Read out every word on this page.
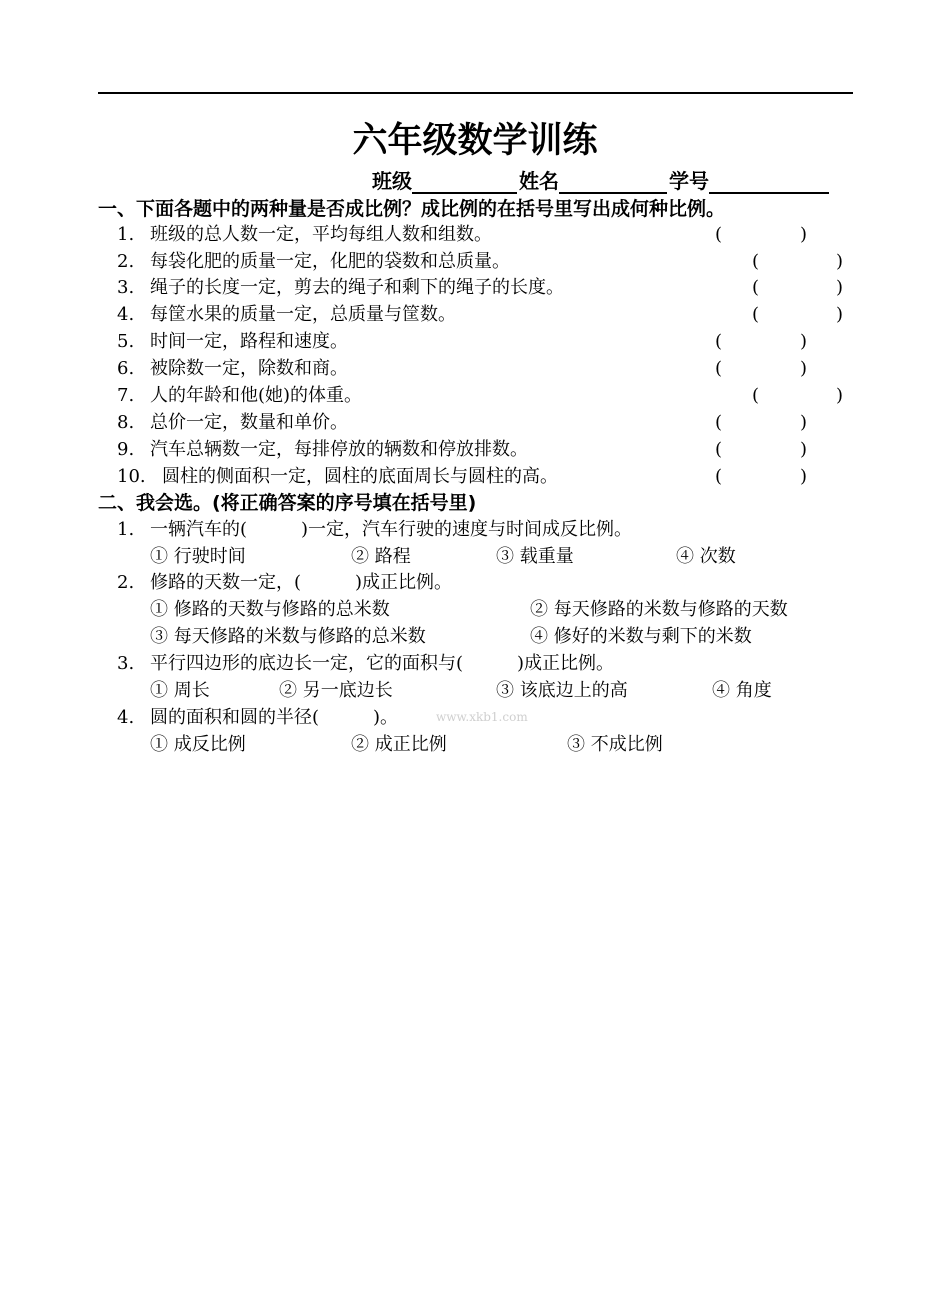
六年级数学训练
班级	姓名	学号
一、下面各题中的两种量是否成比例？成比例的在括号里写出成何种比例。
1. 班级的总人数一定，平均每组人数和组数。	(	)
2. 每袋化肥的质量一定，化肥的袋数和总质量。	(	)
3. 绳子的长度一定，剪去的绳子和剩下的绳子的长度。	(	)
4. 每筐水果的质量一定，总质量与筐数。	(	)
5. 时间一定，路程和速度。	(	)
6. 被除数一定，除数和商。	(	)
7. 人的年龄和他(她)的体重。	(	)
8. 总价一定，数量和单价。	(	)
9. 汽车总辆数一定，每排停放的辆数和停放排数。	(	)
10. 圆柱的侧面积一定，圆柱的底面周长与圆柱的高。	(	)
二、我会选。(将正确答案的序号填在括号里)
1. 一辆汽车的(　　　)一定，汽车行驶的速度与时间成反比例。
① 行驶时间	② 路程	③ 载重量	④ 次数
2. 修路的天数一定，(　　　)成正比例。
① 修路的天数与修路的总米数	② 每天修路的米数与修路的天数
③ 每天修路的米数与修路的总米数	④ 修好的米数与剩下的米数
3. 平行四边形的底边长一定，它的面积与(　　　)成正比例。
① 周长	② 另一底边长	③ 该底边上的高	④ 角度
4. 圆的面积和圆的半径(　　　)。
① 成反比例	② 成正比例	③ 不成比例
www.xkb1.com
